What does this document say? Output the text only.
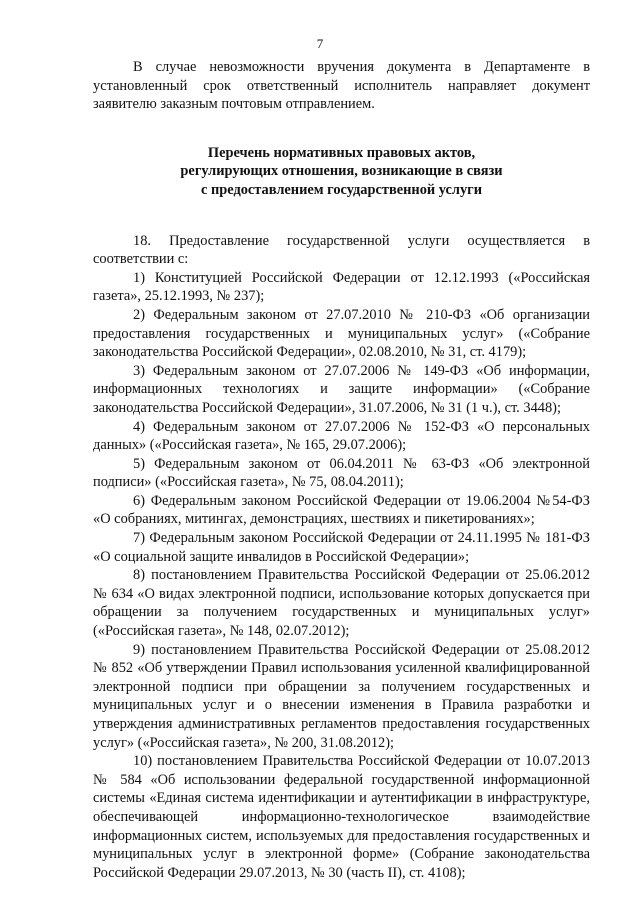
7

В случае невозможности вручения документа в Департаменте в установленный срок ответственный исполнитель направляет документ заявителю заказным почтовым отправлением.

Перечень нормативных правовых актов,
регулирующих отношения, возникающие в связи
с предоставлением государственной услуги

18. Предоставление государственной услуги осуществляется в соответствии с:

1) Конституцией Российской Федерации от 12.12.1993 («Российская газета», 25.12.1993, № 237);

2) Федеральным законом от 27.07.2010 № 210-ФЗ «Об организации предоставления государственных и муниципальных услуг» («Собрание законодательства Российской Федерации», 02.08.2010, № 31, ст. 4179);

3) Федеральным законом от 27.07.2006 № 149-ФЗ «Об информации, информационных технологиях и защите информации» («Собрание законодательства Российской Федерации», 31.07.2006, № 31 (1 ч.), ст. 3448);

4) Федеральным законом от 27.07.2006 № 152-ФЗ «О персональных данных» («Российская газета», № 165, 29.07.2006);

5) Федеральным законом от 06.04.2011 № 63-ФЗ «Об электронной подписи» («Российская газета», № 75, 08.04.2011);

6) Федеральным законом Российской Федерации от 19.06.2004 №54-ФЗ «О собраниях, митингах, демонстрациях, шествиях и пикетированиях»;

7) Федеральным законом Российской Федерации от 24.11.1995 № 181-ФЗ «О социальной защите инвалидов в Российской Федерации»;

8) постановлением Правительства Российской Федерации от 25.06.2012 № 634 «О видах электронной подписи, использование которых допускается при обращении за получением государственных и муниципальных услуг» («Российская газета», № 148, 02.07.2012);

9) постановлением Правительства Российской Федерации от 25.08.2012 № 852 «Об утверждении Правил использования усиленной квалифицированной электронной подписи при обращении за получением государственных и муниципальных услуг и о внесении изменения в Правила разработки и утверждения административных регламентов предоставления государственных услуг» («Российская газета», № 200, 31.08.2012);

10) постановлением Правительства Российской Федерации от 10.07.2013 № 584 «Об использовании федеральной государственной информационной системы «Единая система идентификации и аутентификации в инфраструктуре, обеспечивающей информационно-технологическое взаимодействие информационных систем, используемых для предоставления государственных и муниципальных услуг в электронной форме» (Собрание законодательства Российской Федерации 29.07.2013, № 30 (часть II), ст. 4108);
